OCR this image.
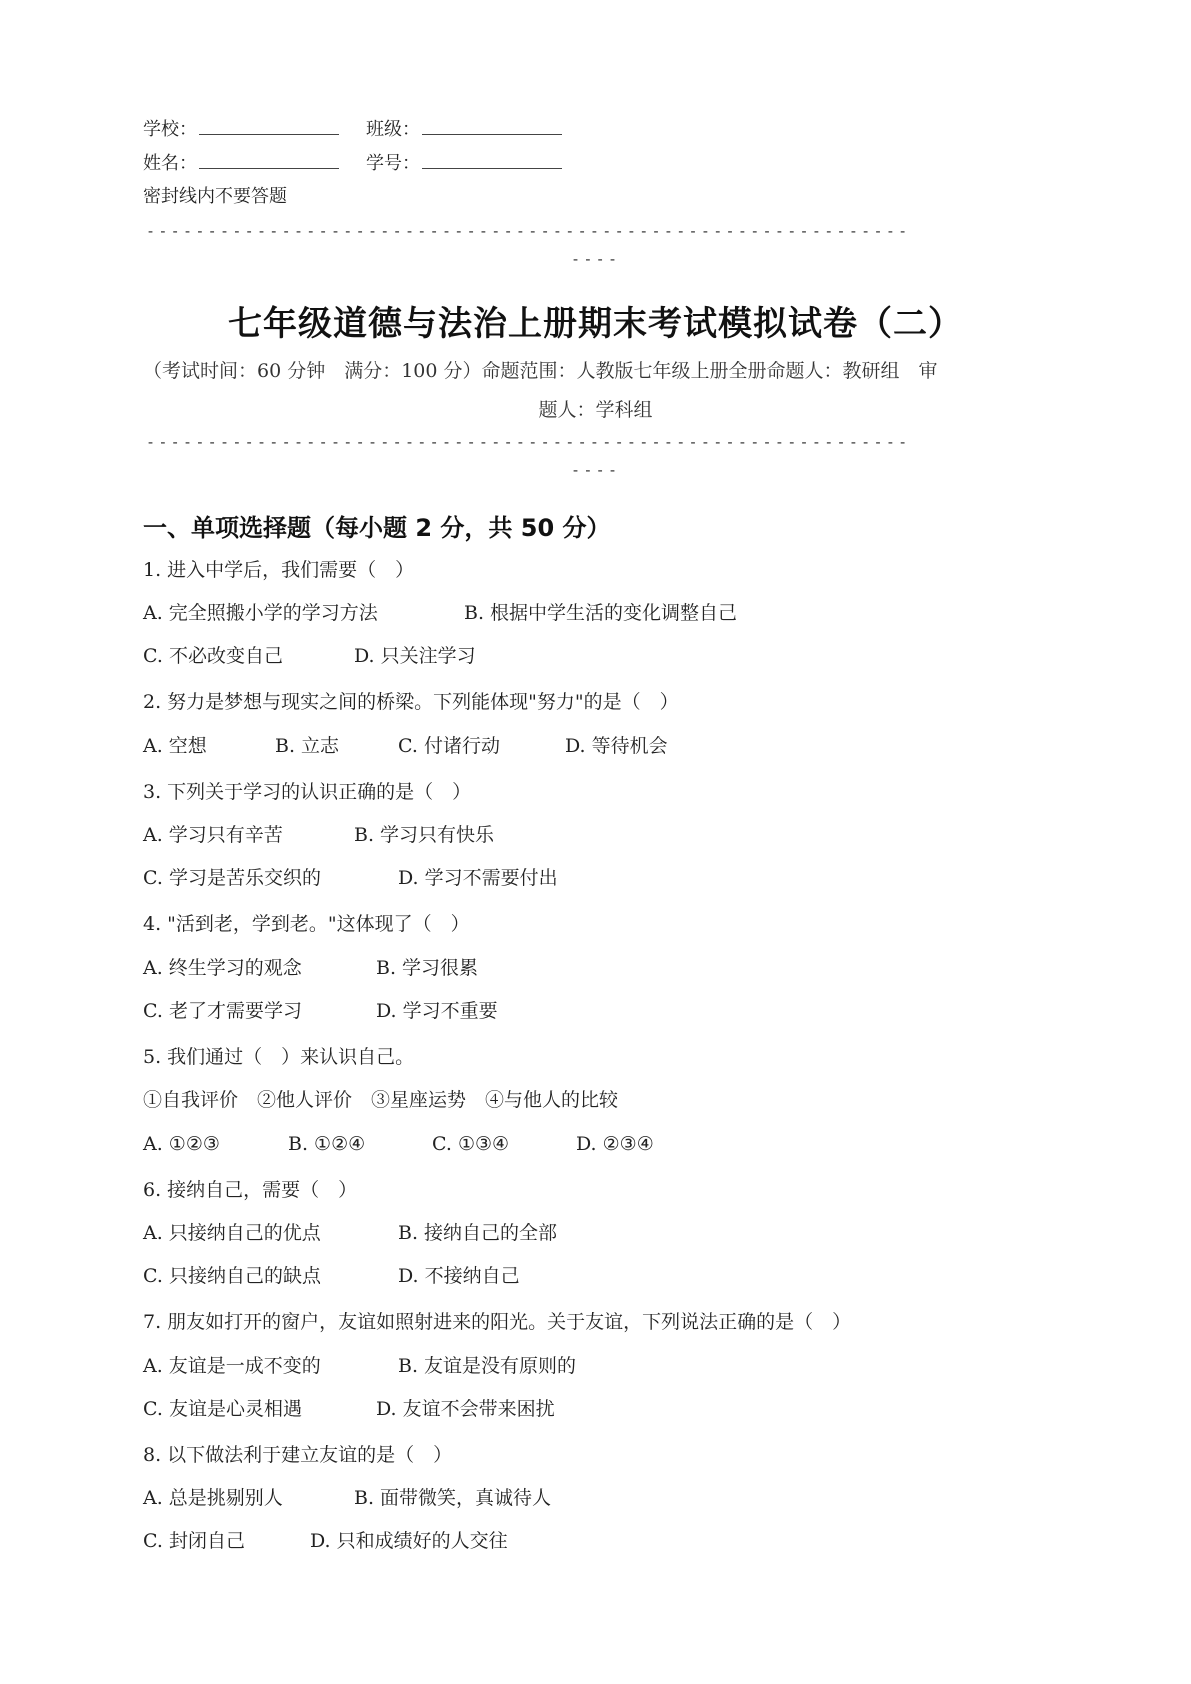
学校：	班级：
姓名：	学号：
密封线内不要答题
--------------------------------------------------------------
----
七年级道德与法治上册期末考试模拟试卷（二）
（考试时间：60 分钟　满分：100 分）命题范围：人教版七年级上册全册命题人：教研组　审
题人：学科组
--------------------------------------------------------------
----
一、单项选择题（每小题 2 分，共 50 分）
1. 进入中学后，我们需要（　）
A. 完全照搬小学的学习方法	B. 根据中学生活的变化调整自己
C. 不必改变自己	D. 只关注学习
2. 努力是梦想与现实之间的桥梁。下列能体现"努力"的是（　）
A. 空想	B. 立志	C. 付诸行动	D. 等待机会
3. 下列关于学习的认识正确的是（　）
A. 学习只有辛苦	B. 学习只有快乐
C. 学习是苦乐交织的	D. 学习不需要付出
4. "活到老，学到老。"这体现了（　）
A. 终生学习的观念	B. 学习很累
C. 老了才需要学习	D. 学习不重要
5. 我们通过（　）来认识自己。
①自我评价　②他人评价　③星座运势　④与他人的比较
A. ①②③	B. ①②④	C. ①③④	D. ②③④
6. 接纳自己，需要（　）
A. 只接纳自己的优点	B. 接纳自己的全部
C. 只接纳自己的缺点	D. 不接纳自己
7. 朋友如打开的窗户，友谊如照射进来的阳光。关于友谊，下列说法正确的是（　）
A. 友谊是一成不变的	B. 友谊是没有原则的
C. 友谊是心灵相遇	D. 友谊不会带来困扰
8. 以下做法利于建立友谊的是（　）
A. 总是挑剔别人	B. 面带微笑，真诚待人
C. 封闭自己	D. 只和成绩好的人交往
